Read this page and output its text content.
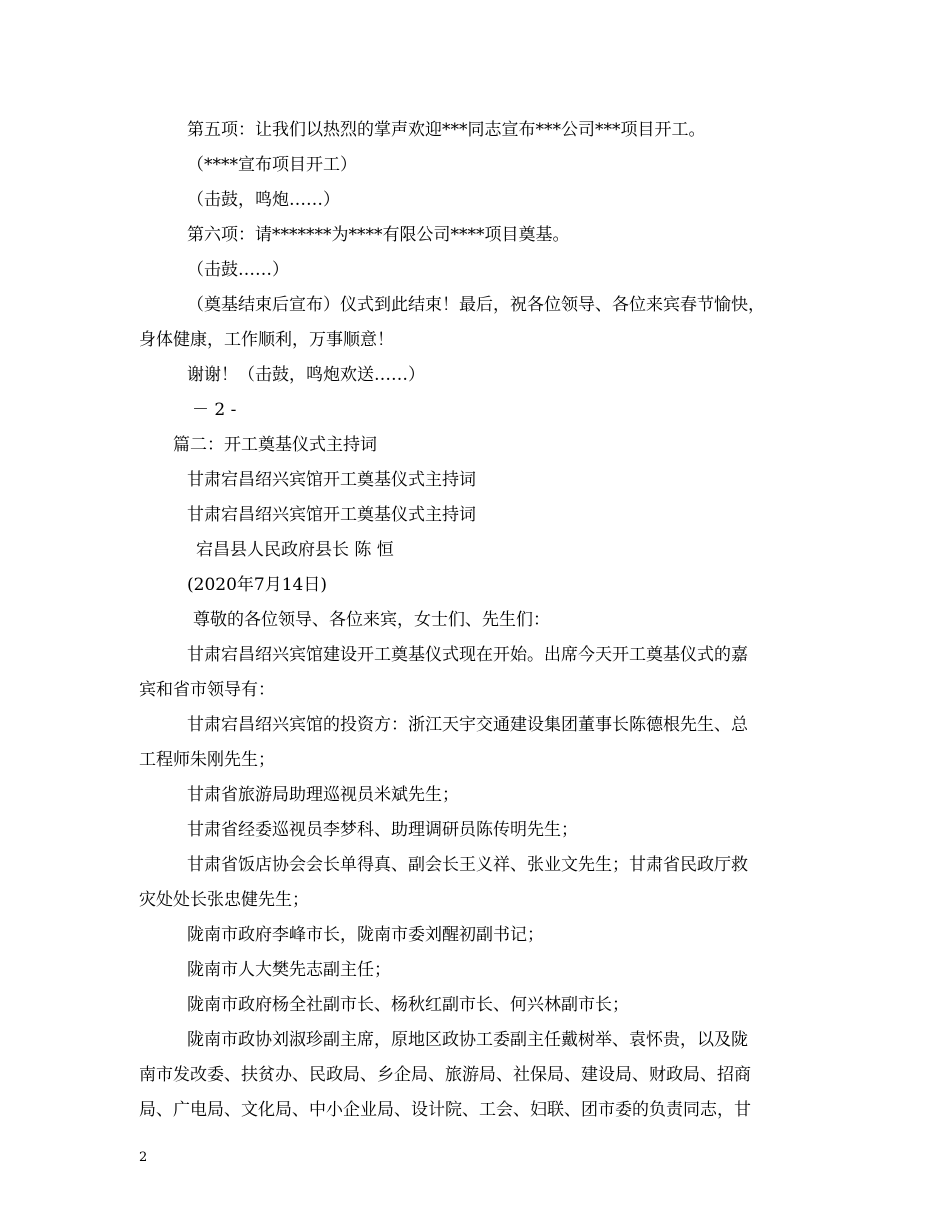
第五项：让我们以热烈的掌声欢迎***同志宣布***公司***项目开工。
（****宣布项目开工）
（击鼓，鸣炮……）
第六项：请*******为****有限公司****项目奠基。
（击鼓……）
（奠基结束后宣布）仪式到此结束！最后，祝各位领导、各位来宾春节愉快，
身体健康，工作顺利，万事顺意！
谢谢！（击鼓，鸣炮欢送……）
－ 2 -
篇二：开工奠基仪式主持词
甘肃宕昌绍兴宾馆开工奠基仪式主持词
甘肃宕昌绍兴宾馆开工奠基仪式主持词
宕昌县人民政府县长 陈 恒
(2020年7月14日)
尊敬的各位领导、各位来宾，女士们、先生们：
甘肃宕昌绍兴宾馆建设开工奠基仪式现在开始。出席今天开工奠基仪式的嘉
宾和省市领导有：
甘肃宕昌绍兴宾馆的投资方：浙江天宇交通建设集团董事长陈德根先生、总
工程师朱刚先生；
甘肃省旅游局助理巡视员米斌先生；
甘肃省经委巡视员李梦科、助理调研员陈传明先生；
甘肃省饭店协会会长单得真、副会长王义祥、张业文先生；甘肃省民政厅救
灾处处长张忠健先生；
陇南市政府李峰市长，陇南市委刘醒初副书记；
陇南市人大樊先志副主任；
陇南市政府杨全社副市长、杨秋红副市长、何兴林副市长；
陇南市政协刘淑珍副主席，原地区政协工委副主任戴树举、袁怀贵，以及陇
南市发改委、扶贫办、民政局、乡企局、旅游局、社保局、建设局、财政局、招商
局、广电局、文化局、中小企业局、设计院、工会、妇联、团市委的负责同志，甘
2
